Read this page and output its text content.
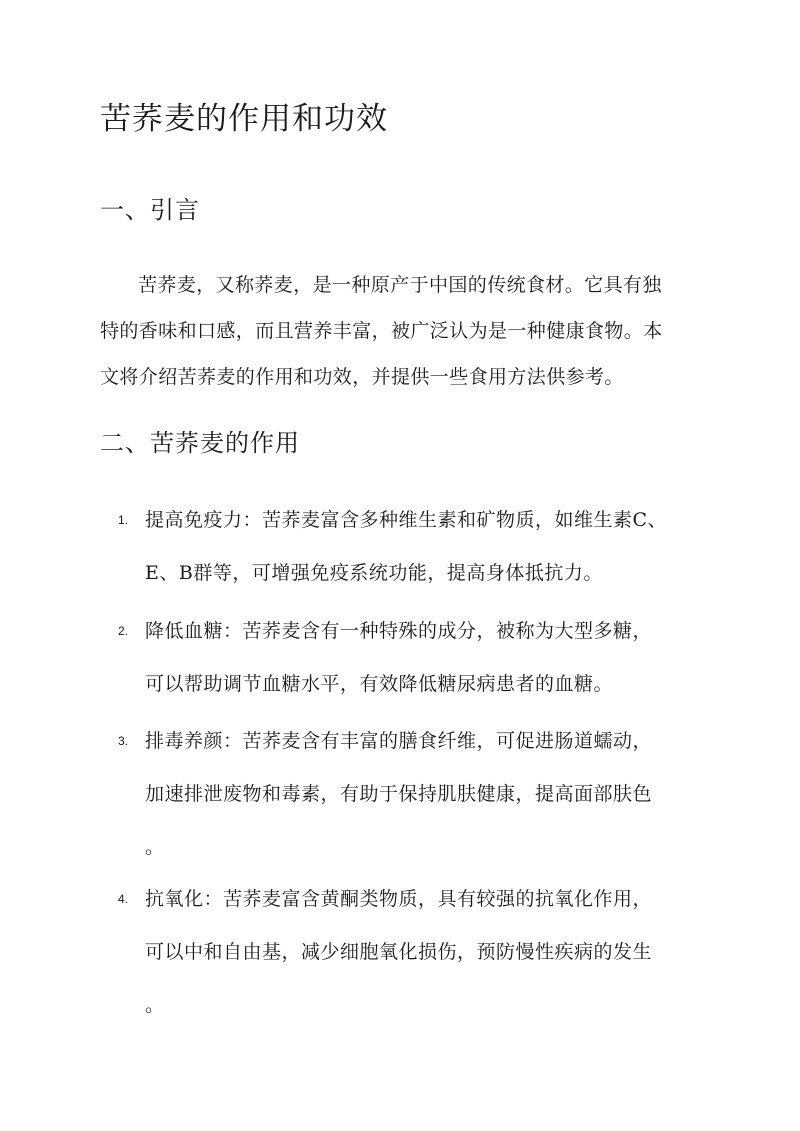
苦荞麦的作用和功效
一、引言

苦荞麦，又称荞麦，是一种原产于中国的传统食材。它具有独
特的香味和口感，而且营养丰富，被广泛认为是一种健康食物。本
文将介绍苦荞麦的作用和功效，并提供一些食用方法供参考。

二、苦荞麦的作用
1. 提高免疫力：苦荞麦富含多种维生素和矿物质，如维生素C、
E、B群等，可增强免疫系统功能，提高身体抵抗力。
2. 降低血糖：苦荞麦含有一种特殊的成分，被称为大型多糖，
可以帮助调节血糖水平，有效降低糖尿病患者的血糖。
3. 排毒养颜：苦荞麦含有丰富的膳食纤维，可促进肠道蠕动，
加速排泄废物和毒素，有助于保持肌肤健康，提高面部肤色
。
4. 抗氧化：苦荞麦富含黄酮类物质，具有较强的抗氧化作用，
可以中和自由基，减少细胞氧化损伤，预防慢性疾病的发生
。
